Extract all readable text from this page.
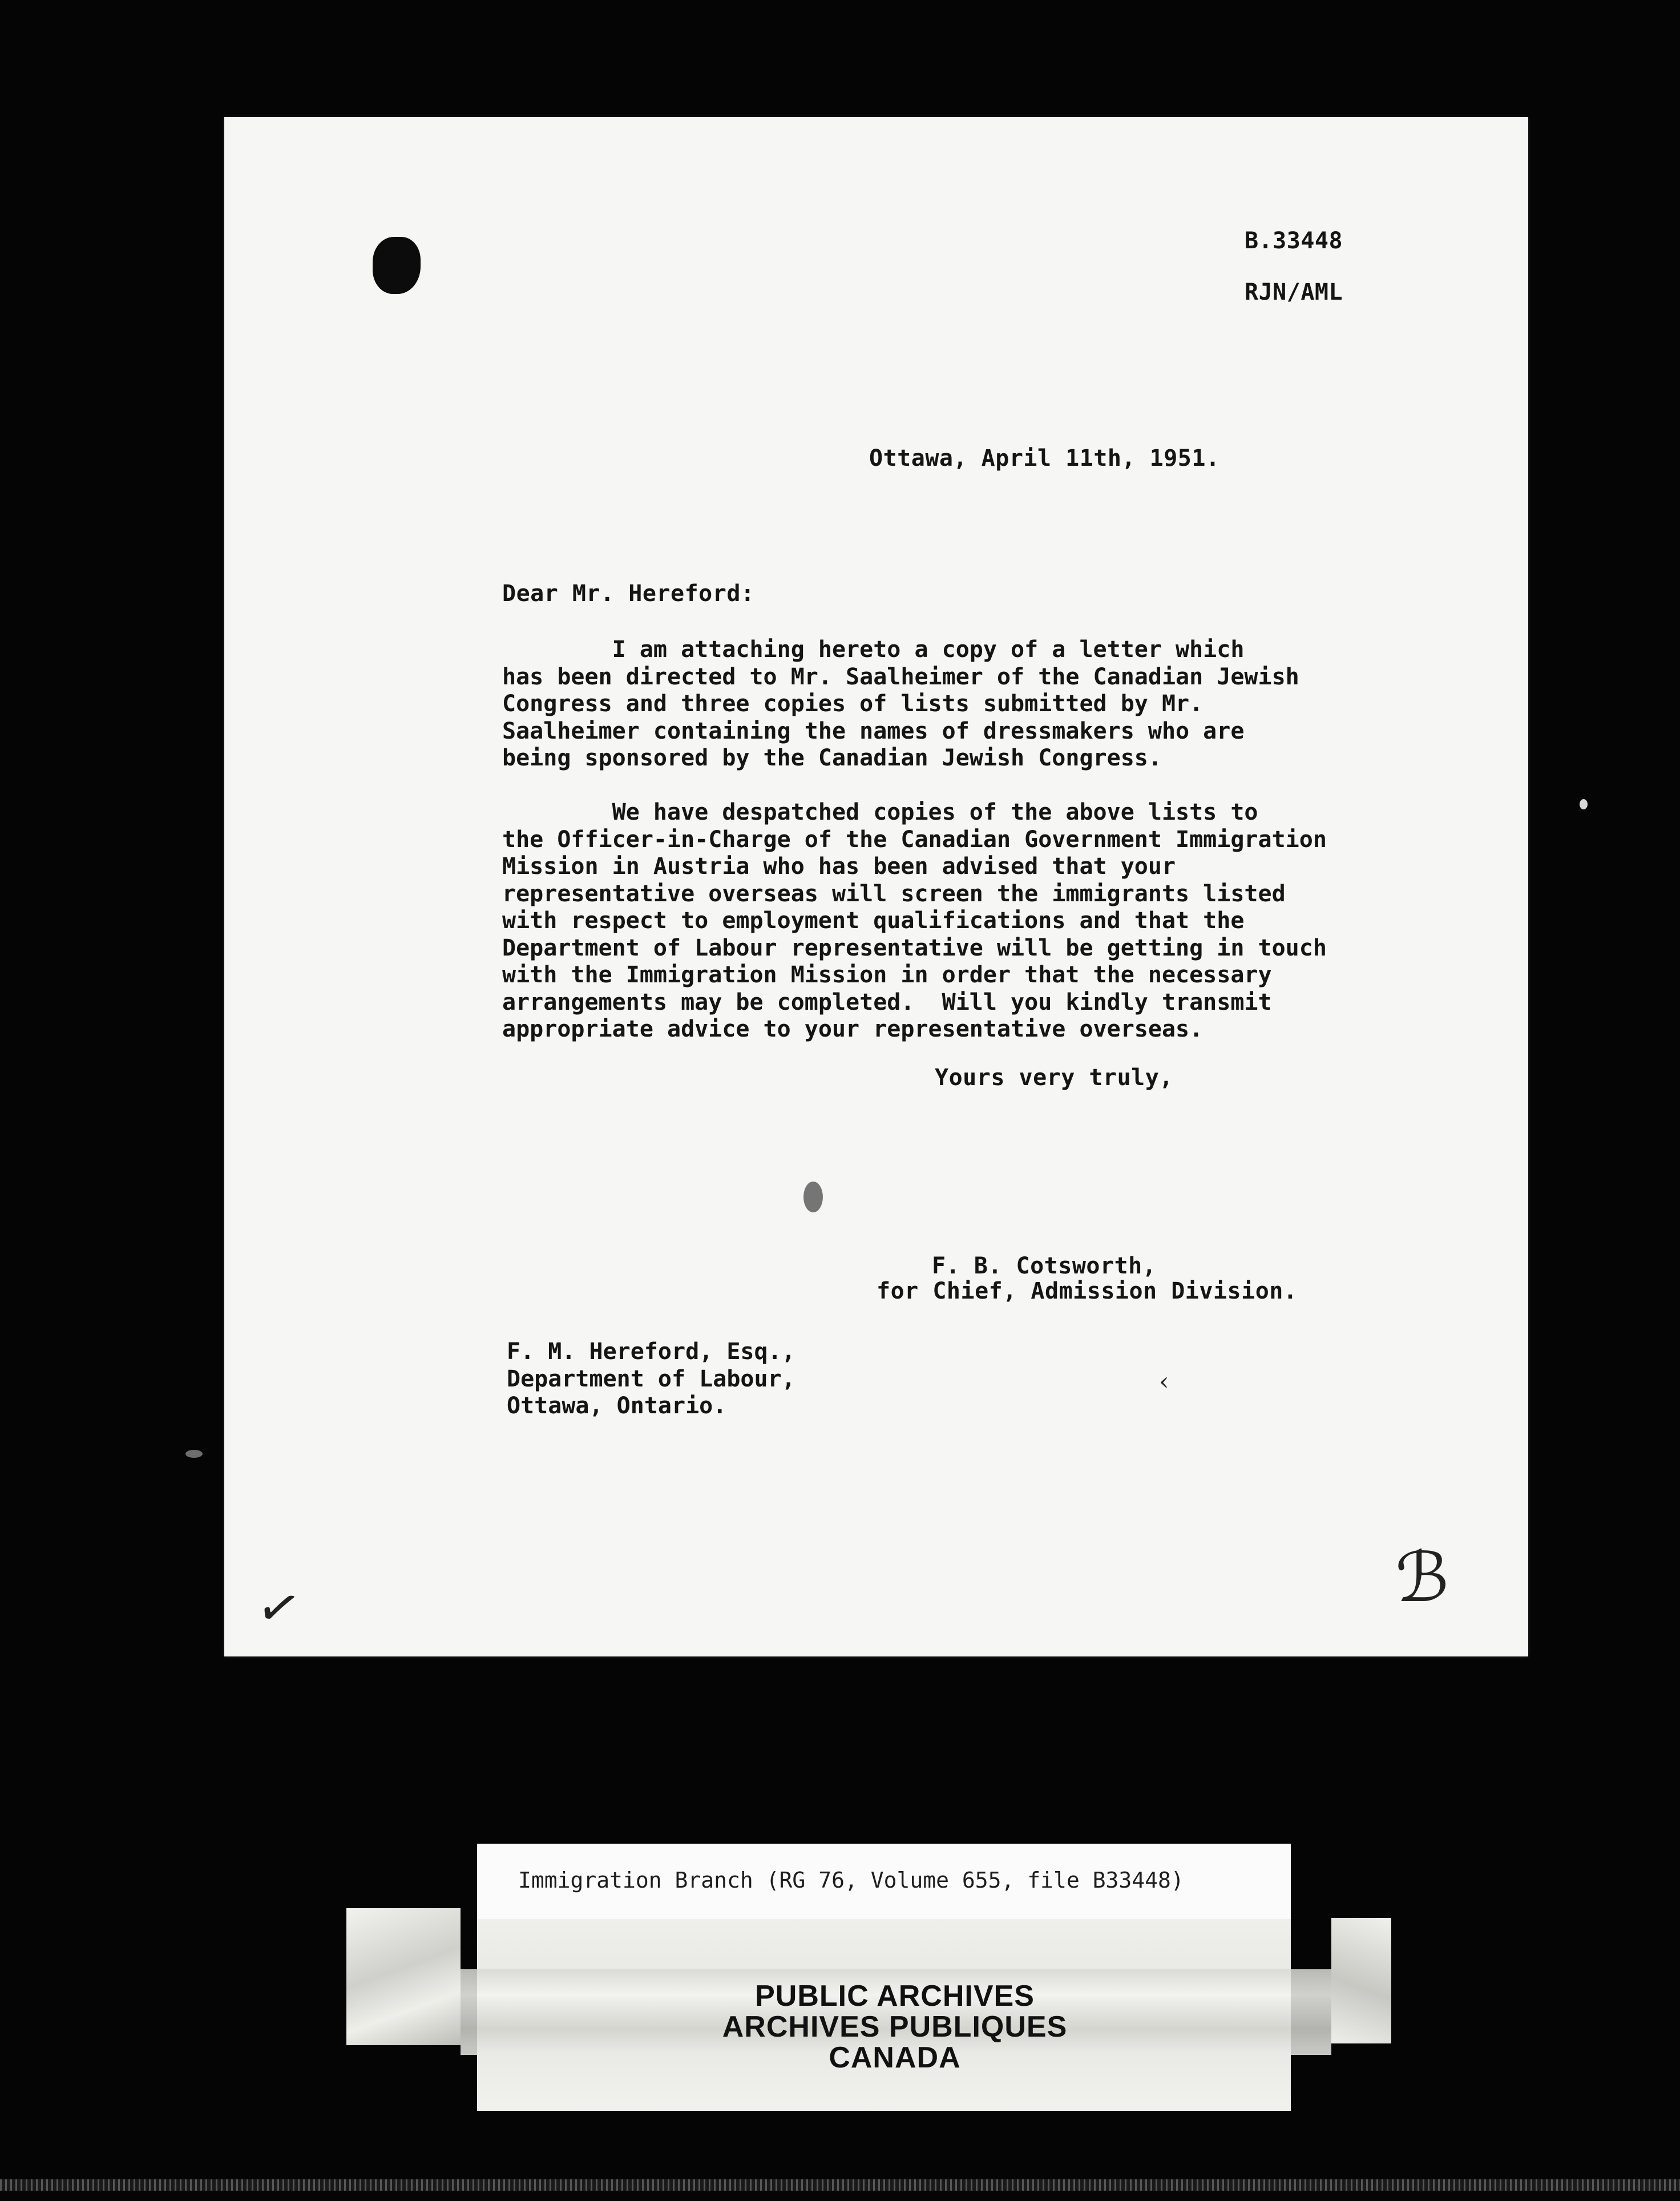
B.33448

RJN/AML

Ottawa, April 11th, 1951.

Dear Mr. Hereford:

I am attaching hereto a copy of a letter which
has been directed to Mr. Saalheimer of the Canadian Jewish
Congress and three copies of lists submitted by Mr.
Saalheimer containing the names of dressmakers who are
being sponsored by the Canadian Jewish Congress.
We have despatched copies of the above lists to
the Officer-in-Charge of the Canadian Government Immigration
Mission in Austria who has been advised that your
representative overseas will screen the immigrants listed
with respect to employment qualifications and that the
Department of Labour representative will be getting in touch
with the Immigration Mission in order that the necessary
arrangements may be completed.  Will you kindly transmit
appropriate advice to your representative overseas.

Yours very truly,

F. B. Cotsworth,

for Chief, Admission Division.

F. M. Hereford, Esq.,
Department of Labour,
Ottawa, Ontario.
‹
✓	ℬ
Immigration Branch (RG 76, Volume 655, file B33448)
PUBLIC ARCHIVES
ARCHIVES PUBLIQUES
CANADA
